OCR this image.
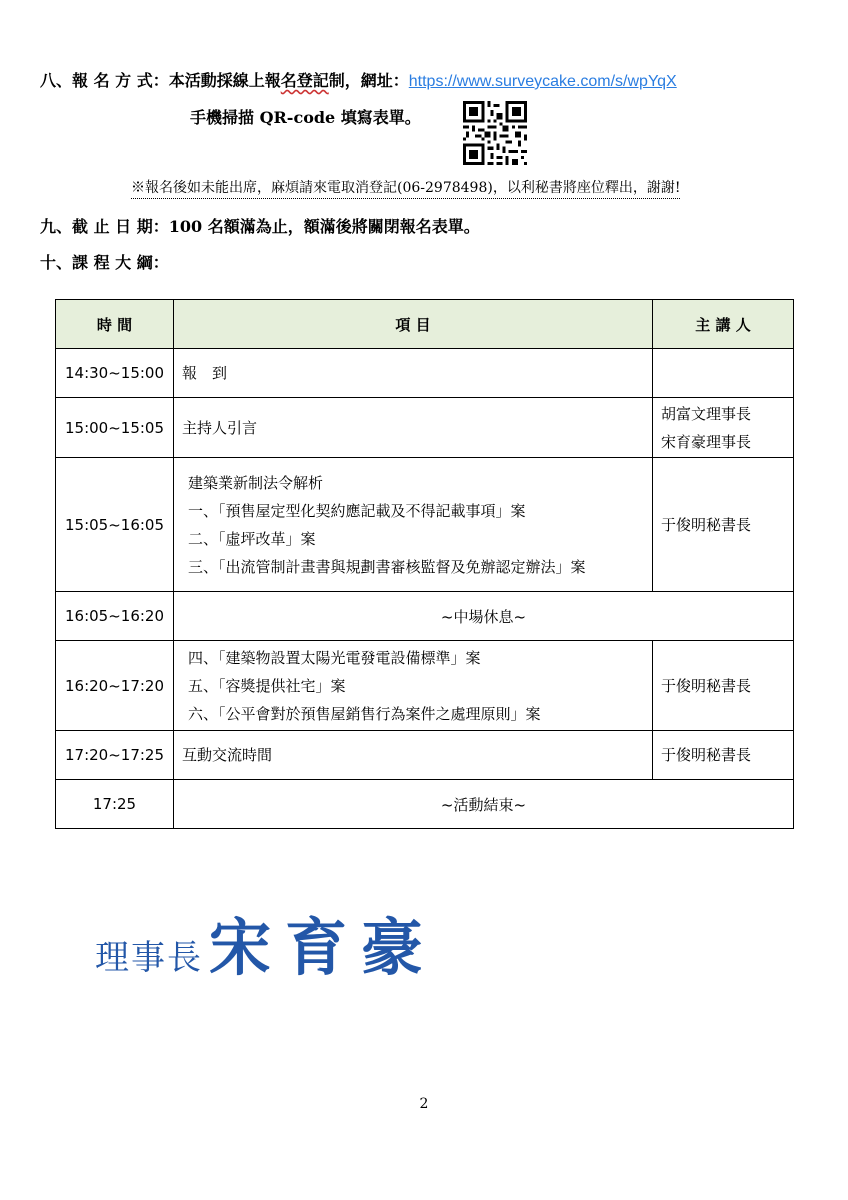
八、報 名 方 式：本活動採線上報名登記制，網址：https://www.surveycake.com/s/wpYqX
手機掃描 QR-code 填寫表單。
※報名後如未能出席，麻煩請來電取消登記(06-2978498)，以利秘書將座位釋出，謝謝!
九、截 止 日 期：100 名額滿為止，額滿後將關閉報名表單。
十、課 程 大 綱：
時 間	項 目	主 講 人
14:30~15:00	報　到	

15:00~15:05	主持人引言	胡富文理事長
宋育豪理事長

15:05~16:05	建築業新制法令解析
一、「預售屋定型化契約應記載及不得記載事項」案
二、「虛坪改革」案
三、「出流管制計畫書與規劃書審核監督及免辦認定辦法」案	于俊明秘書長

16:05~16:20	~中場休息~	
16:20~17:20	四、「建築物設置太陽光電發電設備標準」案
五、「容獎提供社宅」案
六、「公平會對於預售屋銷售行為案件之處理原則」案	于俊明秘書長

17:20~17:25	互動交流時間	于俊明秘書長

17:25	~活動結束~	
理事長宋育豪
2
